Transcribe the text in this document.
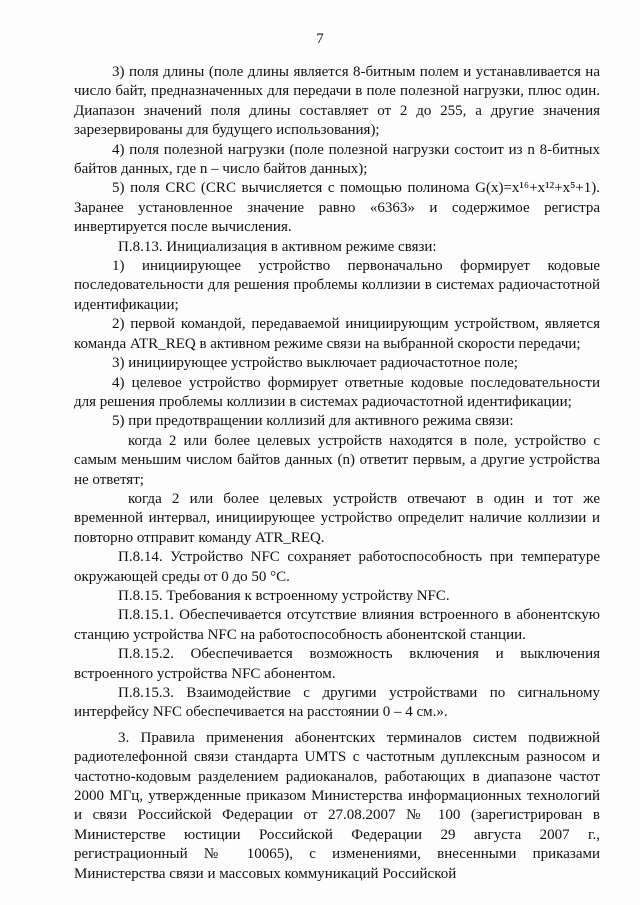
7

3) поля длины (поле длины является 8-битным полем и устанавливается на число байт, предназначенных для передачи в поле полезной нагрузки, плюс один. Диапазон значений поля длины составляет от 2 до 255, а другие значения зарезервированы для будущего использования);

4) поля полезной нагрузки (поле полезной нагрузки состоит из n 8-битных байтов данных, где n – число байтов данных);

5) поля CRC (CRC вычисляется с помощью полинома G(x)=x¹⁶+x¹²+x⁵+1). Заранее установленное значение равно «6363» и содержимое регистра инвертируется после вычисления.

П.8.13. Инициализация в активном режиме связи:

1) инициирующее устройство первоначально формирует кодовые последовательности для решения проблемы коллизии в системах радиочастотной идентификации;

2) первой командой, передаваемой инициирующим устройством, является команда ATR_REQ в активном режиме связи на выбранной скорости передачи;

3) инициирующее устройство выключает радиочастотное поле;

4) целевое устройство формирует ответные кодовые последовательности для решения проблемы коллизии в системах радиочастотной идентификации;

5) при предотвращении коллизий для активного режима связи:

когда 2 или более целевых устройств находятся в поле, устройство с самым меньшим числом байтов данных (n) ответит первым, а другие устройства не ответят;

когда 2 или более целевых устройств отвечают в один и тот же временной интервал, инициирующее устройство определит наличие коллизии и повторно отправит команду ATR_REQ.

П.8.14. Устройство NFC сохраняет работоспособность при температуре окружающей среды от 0 до 50 °С.

П.8.15. Требования к встроенному устройству NFC.

П.8.15.1. Обеспечивается отсутствие влияния встроенного в абонентскую станцию устройства NFC на работоспособность абонентской станции.

П.8.15.2. Обеспечивается возможность включения и выключения встроенного устройства NFC абонентом.

П.8.15.3. Взаимодействие с другими устройствами по сигнальному интерфейсу NFC обеспечивается на расстоянии 0 – 4 см.».

3. Правила применения абонентских терминалов систем подвижной радиотелефонной связи стандарта UMTS с частотным дуплексным разносом и частотно-кодовым разделением радиоканалов, работающих в диапазоне частот 2000 МГц, утвержденные приказом Министерства информационных технологий и связи Российской Федерации от 27.08.2007 № 100 (зарегистрирован в Министерстве юстиции Российской Федерации 29 августа 2007 г., регистрационный № 10065), с изменениями, внесенными приказами Министерства связи и массовых коммуникаций Российской
